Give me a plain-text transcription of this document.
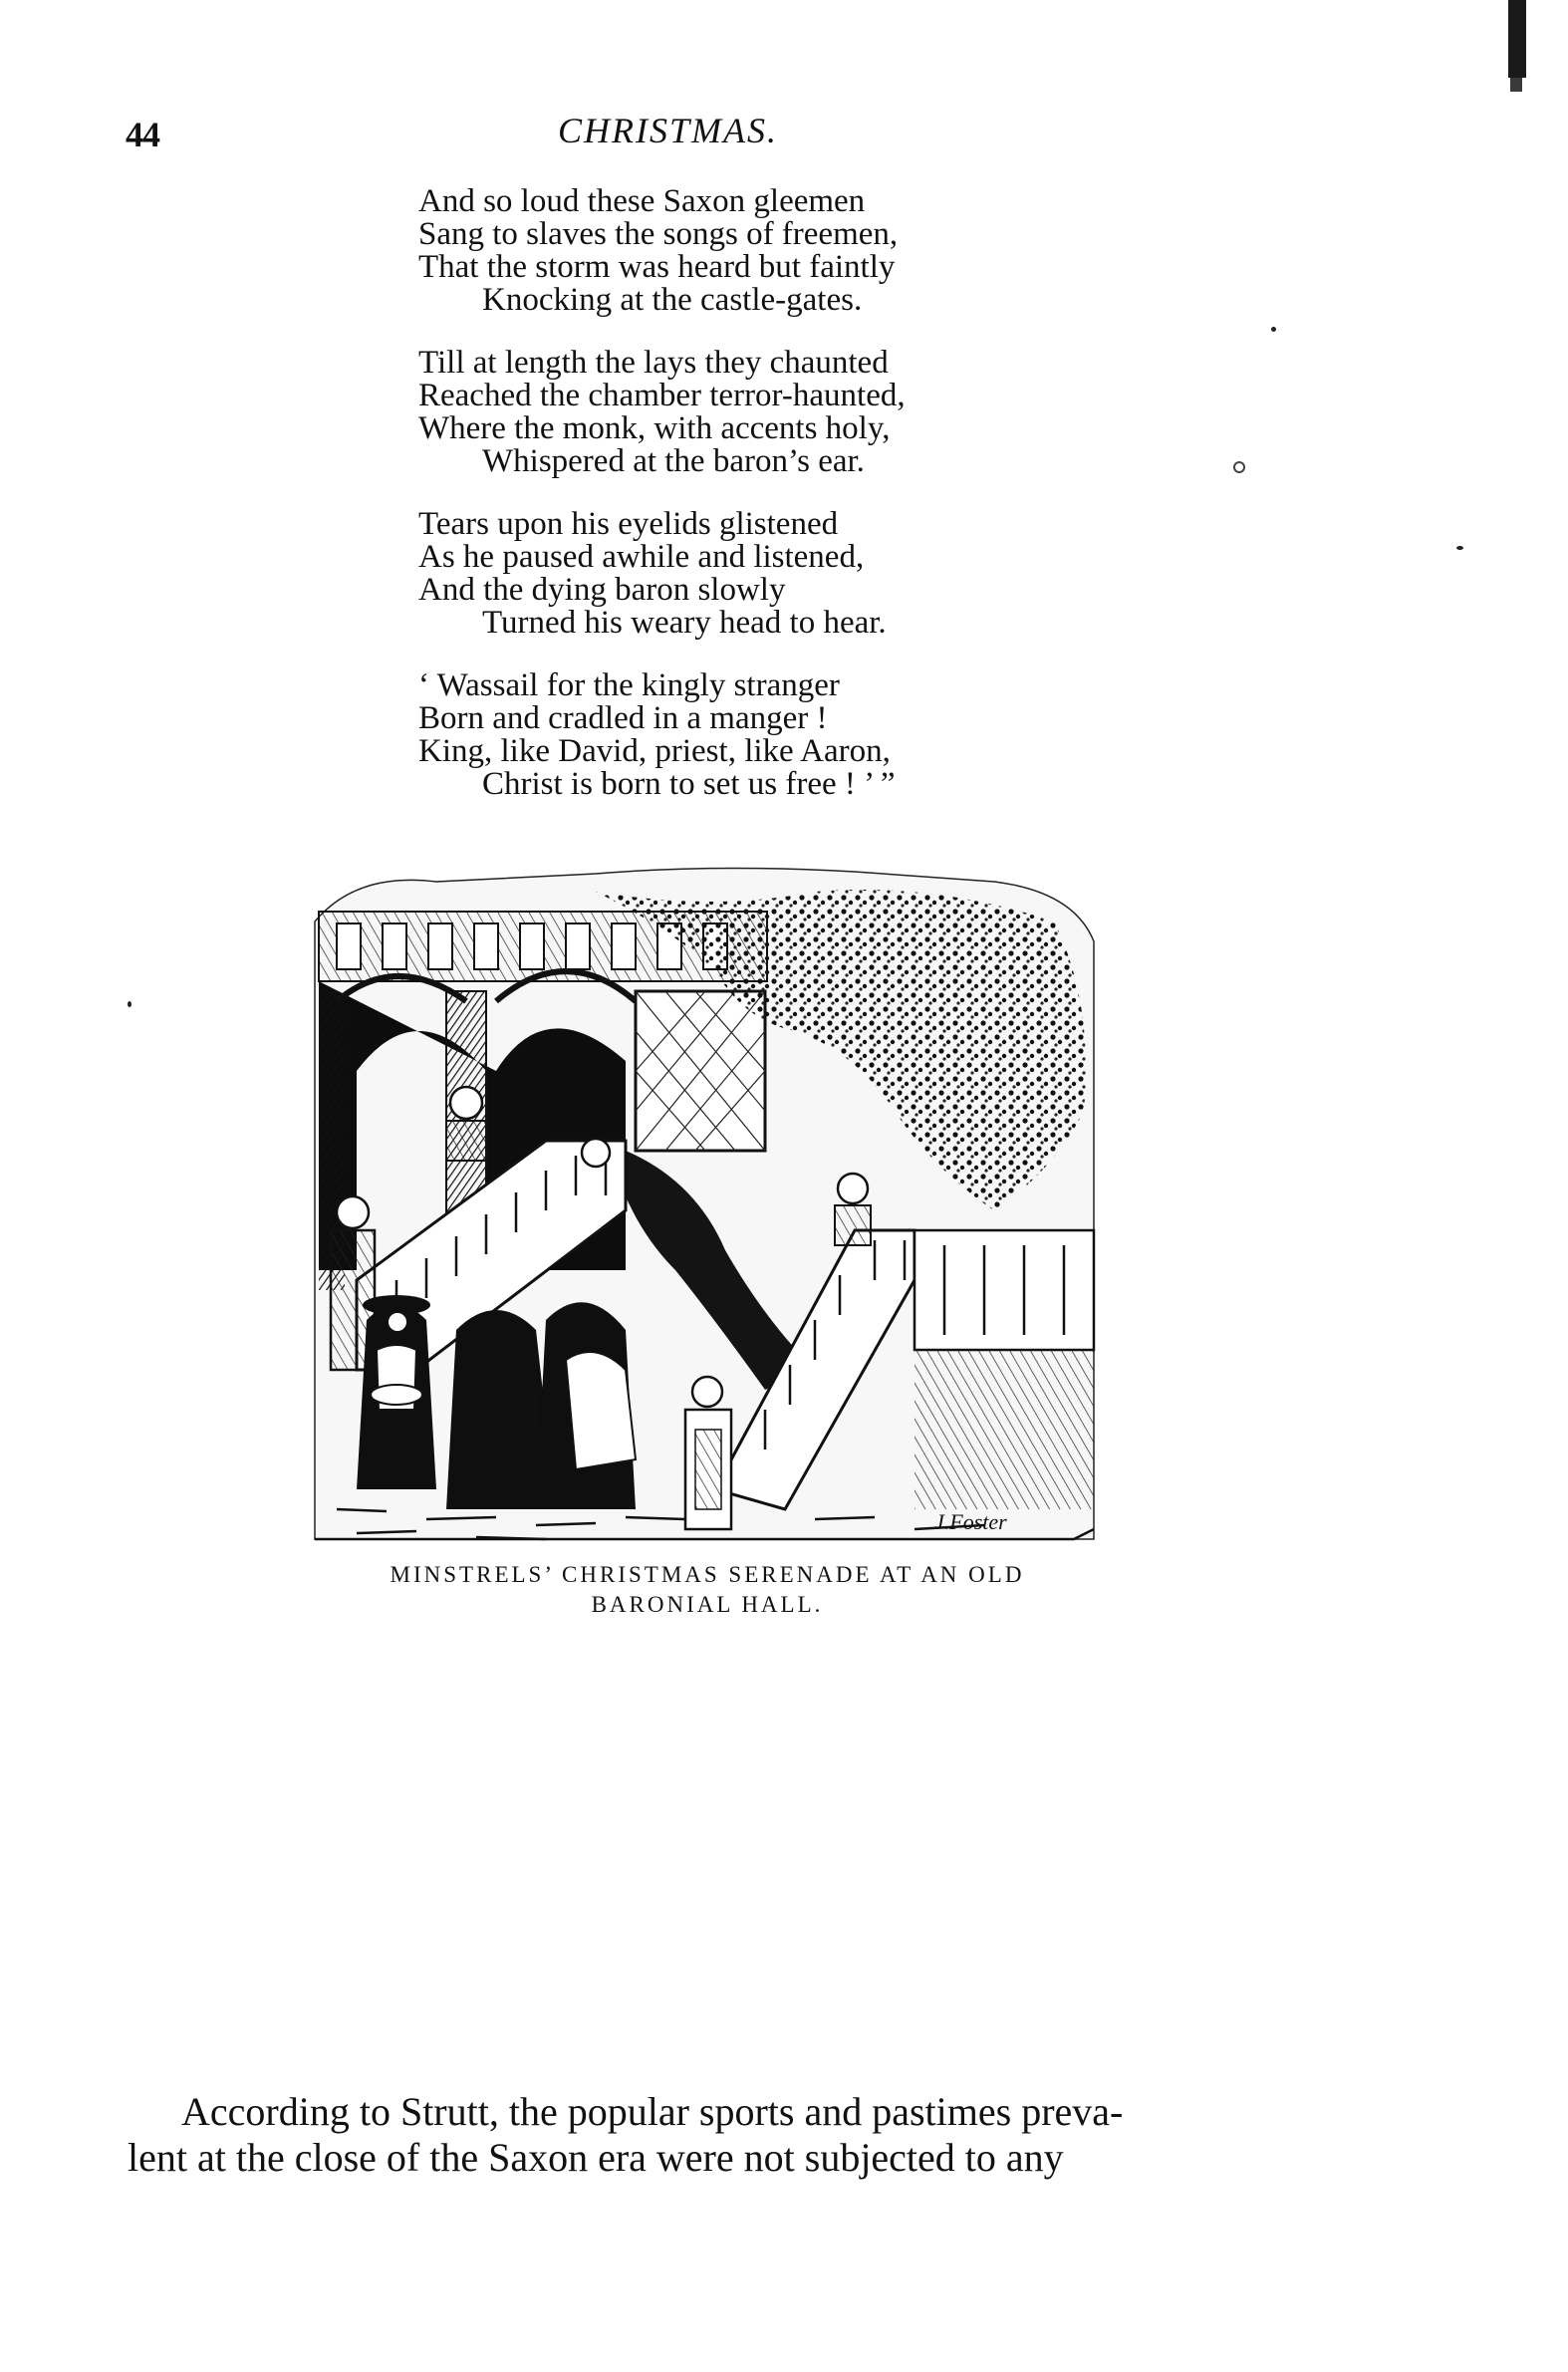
44	CHRISTMAS.
And so loud these Saxon gleemen
Sang to slaves the songs of freemen,
That the storm was heard but faintly
Knocking at the castle-gates.
Till at length the lays they chaunted
Reached the chamber terror-haunted,
Where the monk, with accents holy,
Whispered at the baron’s ear.
Tears upon his eyelids glistened
As he paused awhile and listened,
And the dying baron slowly
Turned his weary head to hear.
‘ Wassail for the kingly stranger
Born and cradled in a manger !
King, like David, priest, like Aaron,
Christ is born to set us free ! ’ ”
J.Foster
MINSTRELS’ CHRISTMAS SERENADE AT AN OLD
BARONIAL HALL.
According to Strutt, the popular sports and pastimes preva-
lent at the close of the Saxon era were not subjected to any
